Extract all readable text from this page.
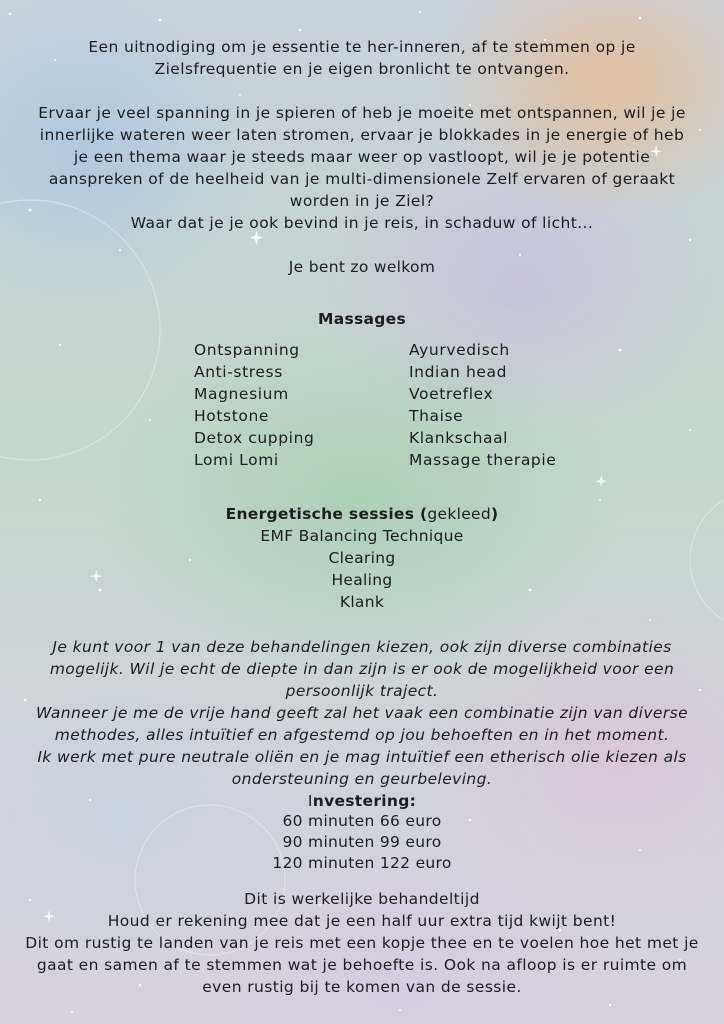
Een uitnodiging om je essentie te her-inneren, af te stemmen op je
Zielsfrequentie en je eigen bronlicht te ontvangen.
Ervaar je veel spanning in je spieren of heb je moeite met ontspannen, wil je je
innerlijke wateren weer laten stromen, ervaar je blokkades in je energie of heb
je een thema waar je steeds maar weer op vastloopt, wil je je potentie
aanspreken of de heelheid van je multi-dimensionele Zelf ervaren of geraakt
worden in je Ziel?
Waar dat je je ook bevind in je reis, in schaduw of licht...
Je bent zo welkom
Massages
Ontspanning
Anti-stress
Magnesium
Hotstone
Detox cupping
Lomi Lomi
Ayurvedisch
Indian head
Voetreflex
Thaise
Klankschaal
Massage therapie
Energetische sessies (gekleed)
EMF Balancing Technique
Clearing
Healing
Klank
Je kunt voor 1 van deze behandelingen kiezen, ook zijn diverse combinaties
mogelijk. Wil je echt de diepte in dan zijn is er ook de mogelijkheid voor een
persoonlijk traject.
Wanneer je me de vrije hand geeft zal het vaak een combinatie zijn van diverse
methodes, alles intuïtief en afgestemd op jou behoeften en in het moment.
Ik werk met pure neutrale oliën en je mag intuïtief een etherisch olie kiezen als
ondersteuning en geurbeleving.
Investering:
60 minuten 66 euro
90 minuten 99 euro
120 minuten 122 euro
Dit is werkelijke behandeltijd
Houd er rekening mee dat je een half uur extra tijd kwijt bent!
Dit om rustig te landen van je reis met een kopje thee en te voelen hoe het met je
gaat en samen af te stemmen wat je behoefte is. Ook na afloop is er ruimte om
even rustig bij te komen van de sessie.
